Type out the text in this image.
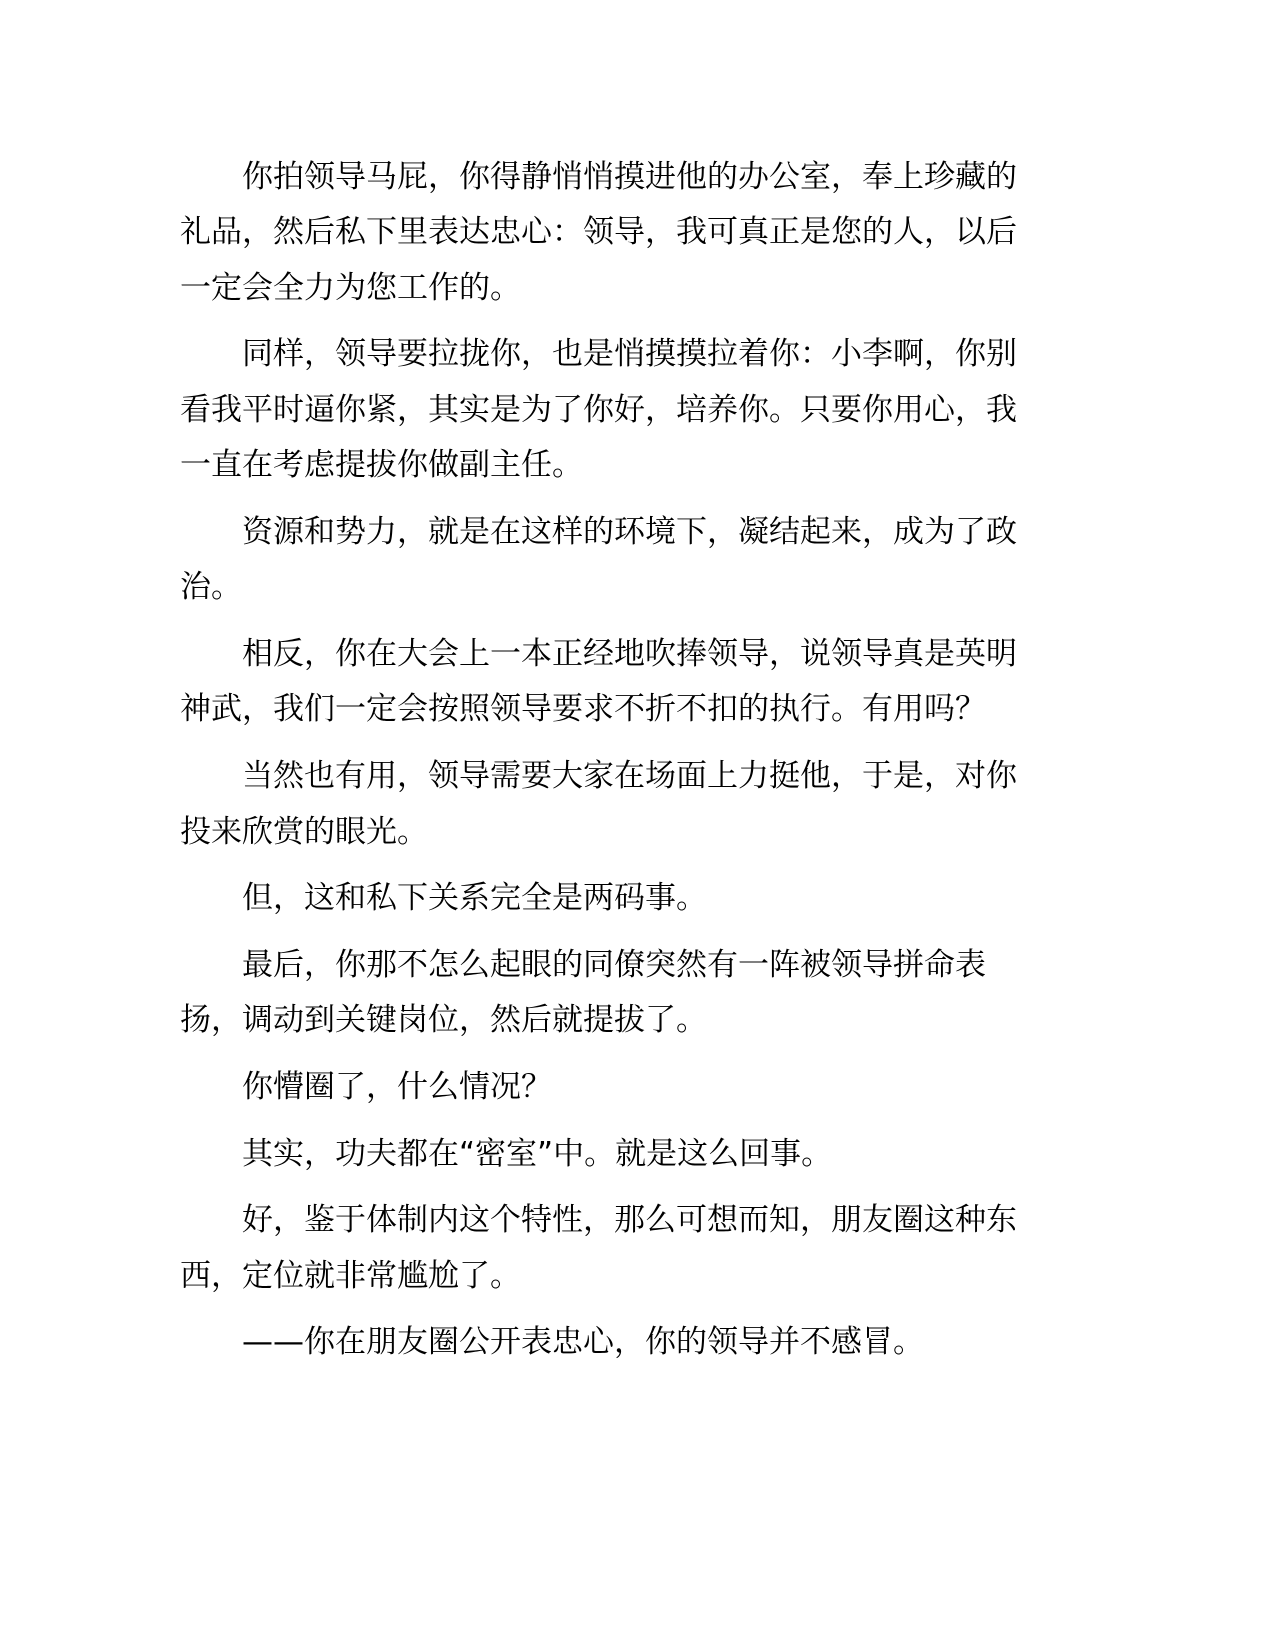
你拍领导马屁，你得静悄悄摸进他的办公室，奉上珍藏的

礼品，然后私下里表达忠心：领导，我可真正是您的人，以后

一定会全力为您工作的。

同样，领导要拉拢你，也是悄摸摸拉着你：小李啊，你别

看我平时逼你紧，其实是为了你好，培养你。只要你用心，我

一直在考虑提拔你做副主任。

资源和势力，就是在这样的环境下，凝结起来，成为了政

治。

相反，你在大会上一本正经地吹捧领导，说领导真是英明

神武，我们一定会按照领导要求不折不扣的执行。有用吗？

当然也有用，领导需要大家在场面上力挺他，于是，对你

投来欣赏的眼光。

但，这和私下关系完全是两码事。

最后，你那不怎么起眼的同僚突然有一阵被领导拼命表

扬，调动到关键岗位，然后就提拔了。

你懵圈了，什么情况？

其实，功夫都在“密室”中。就是这么回事。

好，鉴于体制内这个特性，那么可想而知，朋友圈这种东

西，定位就非常尴尬了。

——你在朋友圈公开表忠心，你的领导并不感冒。
